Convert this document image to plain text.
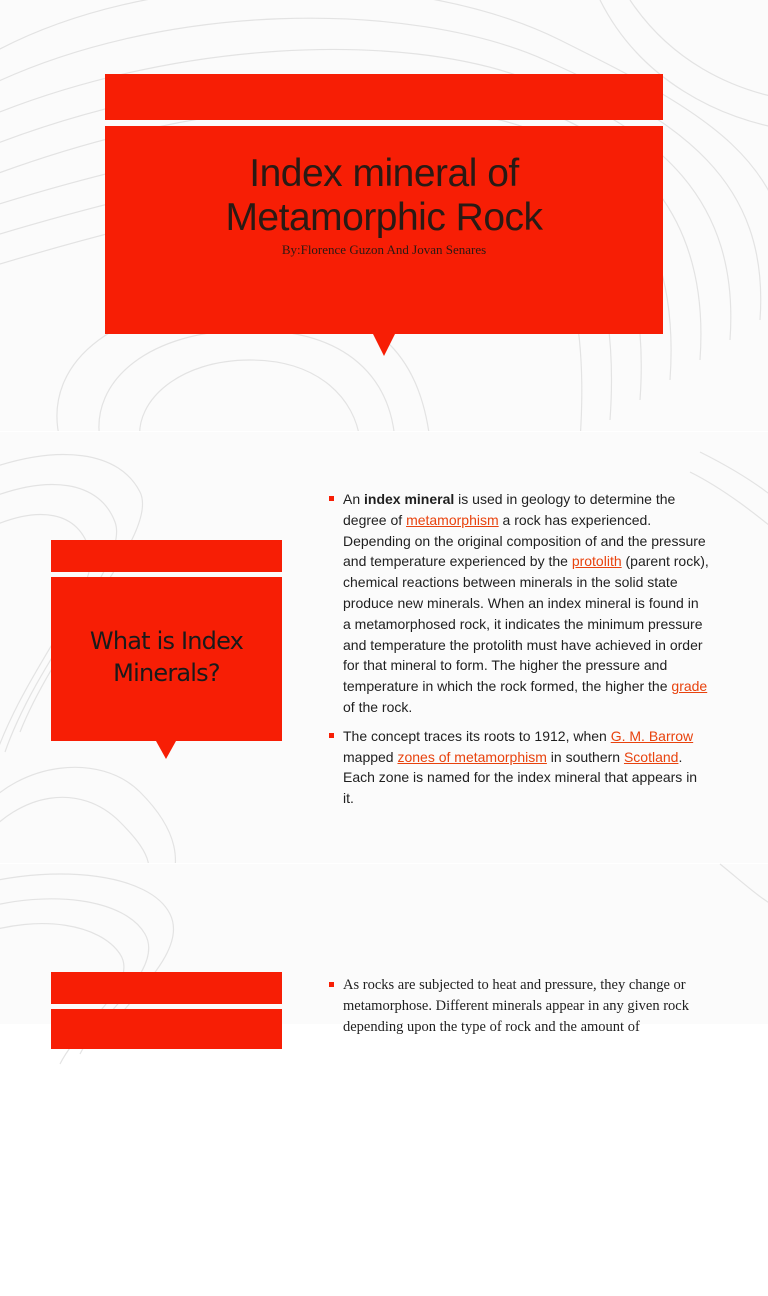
Index mineral of
Metamorphic Rock
By:Florence Guzon And Jovan Senares
What is Index
Minerals?
An index mineral is used in geology to determine the degree of metamorphism a rock has experienced. Depending on the original composition of and the pressure and temperature experienced by the protolith (parent rock), chemical reactions between minerals in the solid state produce new minerals. When an index mineral is found in a metamorphosed rock, it indicates the minimum pressure and temperature the protolith must have achieved in order for that mineral to form. The higher the pressure and temperature in which the rock formed, the higher the grade of the rock.
The concept traces its roots to 1912, when G. M. Barrow mapped zones of metamorphism in southern Scotland. Each zone is named for the index mineral that appears in it.
As rocks are subjected to heat and pressure, they change or metamorphose. Different minerals appear in any given rock depending upon the type of rock and the amount of
